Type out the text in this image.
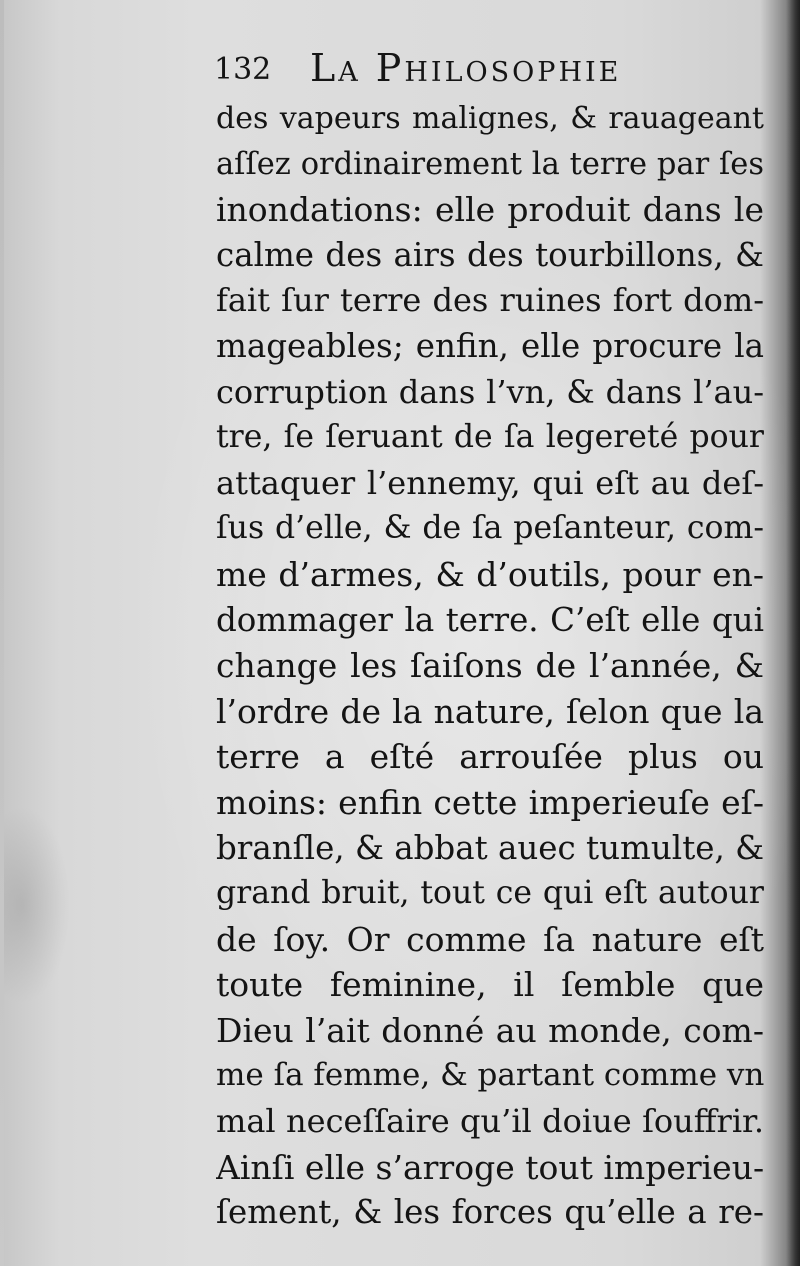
132 La Philosophie
des vapeurs malignes, & rauageant
aſſez ordinairement la terre par ſes
inondations: elle produit dans le
calme des airs des tourbillons, &
fait ſur terre des ruines fort dom-
mageables; enfin, elle procure la
corruption dans l’vn, & dans l’au-
tre, ſe ſeruant de ſa legereté pour
attaquer l’ennemy, qui eſt au deſ-
ſus d’elle, & de ſa peſanteur, com-
me d’armes, & d’outils, pour en-
dommager la terre. C’eſt elle qui
change les ſaiſons de l’année, &
l’ordre de la nature, ſelon que la
terre a eſté arrouſée plus ou
moins: enfin cette imperieuſe eſ-
branſle, & abbat auec tumulte, &
grand bruit, tout ce qui eſt autour
de ſoy. Or comme ſa nature eſt
toute feminine, il ſemble que
Dieu l’ait donné au monde, com-
me ſa femme, & partant comme vn
mal neceſſaire qu’il doiue ſouffrir.
Ainſi elle s’arroge tout imperieu-
ſement, & les forces qu’elle a re-
